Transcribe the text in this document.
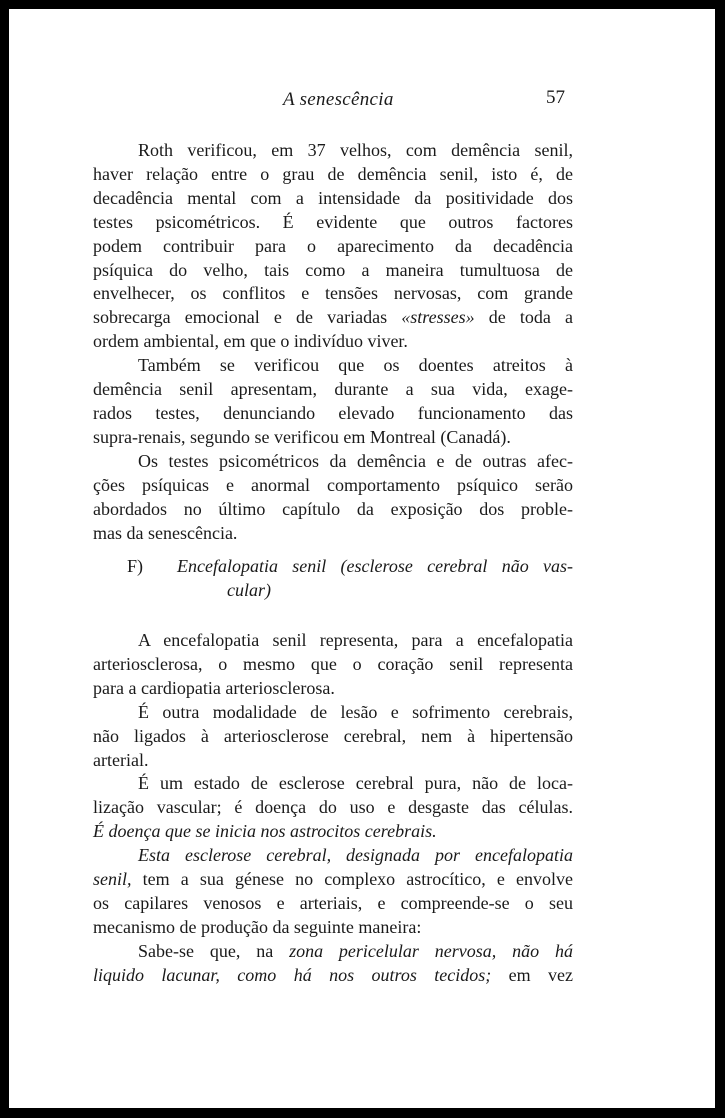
A senescência	57
Roth verificou, em 37 velhos, com demência senil,
haver relação entre o grau de demência senil, isto é, de
decadência mental com a intensidade da positividade dos
testes psicométricos. É evidente que outros factores
podem contribuir para o aparecimento da decadência
psíquica do velho, tais como a maneira tumultuosa de
envelhecer, os conflitos e tensões nervosas, com grande
sobrecarga emocional e de variadas «stresses» de toda a
ordem ambiental, em que o indivíduo viver.
Também se verificou que os doentes atreitos à
demência senil apresentam, durante a sua vida, exage-
rados testes, denunciando elevado funcionamento das
supra-renais, segundo se verificou em Montreal (Canadá).
Os testes psicométricos da demência e de outras afec-
ções psíquicas e anormal comportamento psíquico serão
abordados no último capítulo da exposição dos proble-
mas da senescência.
F) Encefalopatia senil (esclerose cerebral não vas-
cular)
A encefalopatia senil representa, para a encefalopatia
arteriosclerosa, o mesmo que o coração senil representa
para a cardiopatia arteriosclerosa.
É outra modalidade de lesão e sofrimento cerebrais,
não ligados à arteriosclerose cerebral, nem à hipertensão
arterial.
É um estado de esclerose cerebral pura, não de loca-
lização vascular; é doença do uso e desgaste das células.
É doença que se inicia nos astrocitos cerebrais.
Esta esclerose cerebral, designada por encefalopatia
senil, tem a sua génese no complexo astrocítico, e envolve
os capilares venosos e arteriais, e compreende-se o seu
mecanismo de produção da seguinte maneira:
Sabe-se que, na zona pericelular nervosa, não há
liquido lacunar, como há nos outros tecidos; em vez
